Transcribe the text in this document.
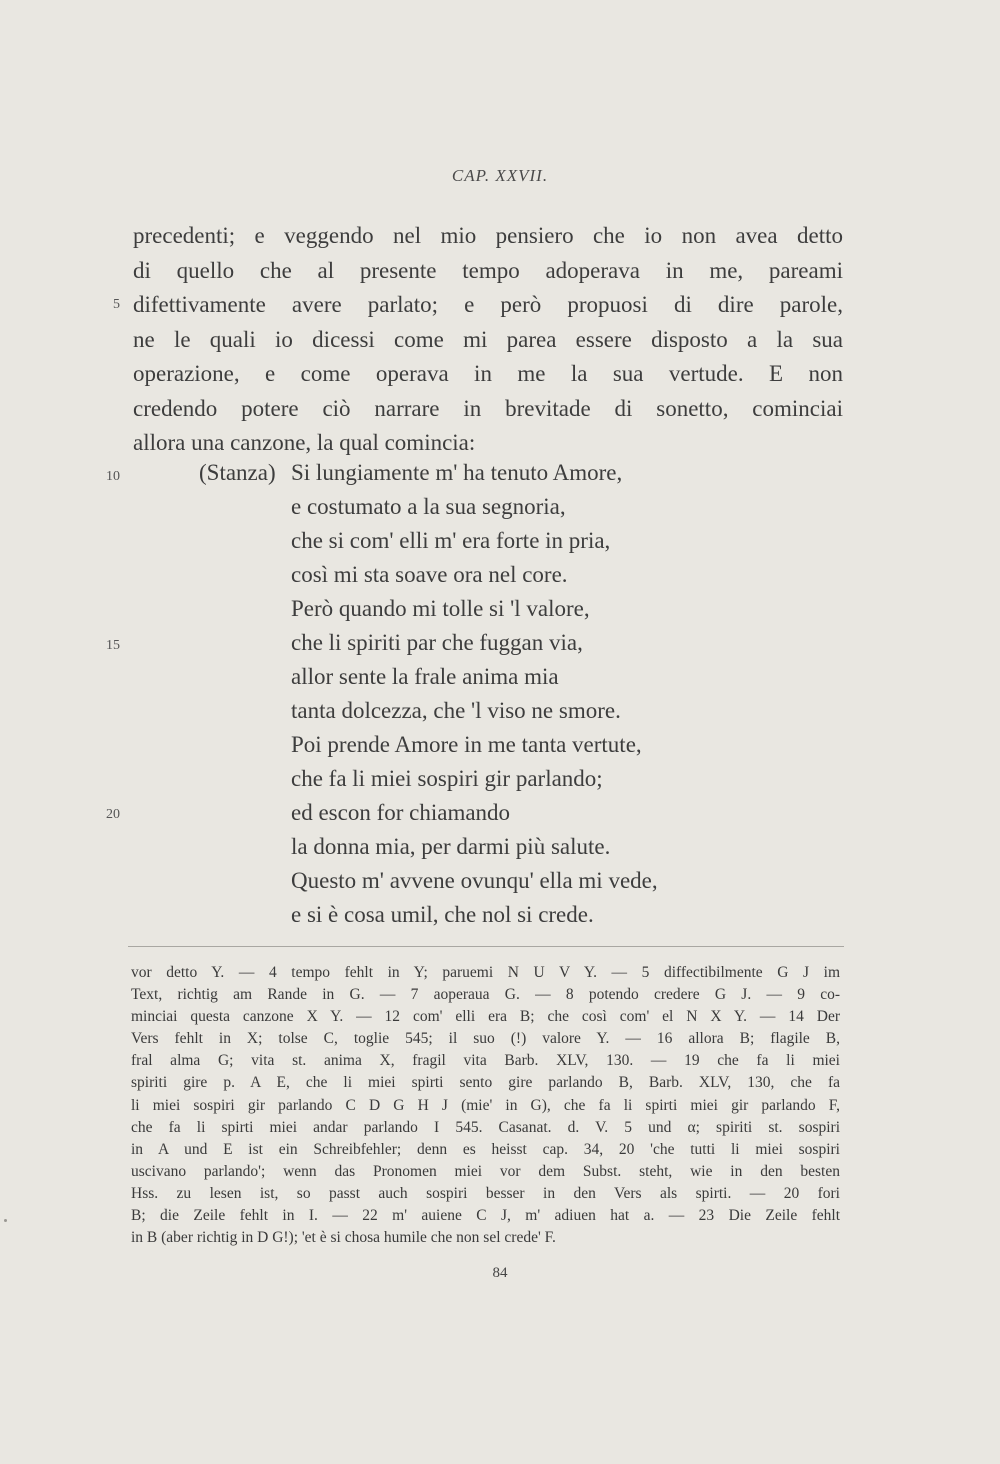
CAP. XXVII.
precedenti; e veggendo nel mio pensiero che io non avea detto
di quello che al presente tempo adoperava in me, pareami
difettivamente avere parlato; e però propuosi di dire parole,
ne le quali io dicessi come mi parea essere disposto a la sua
operazione, e come operava in me la sua vertude. E non
credendo potere ciò narrare in brevitade di sonetto, cominciai
allora una canzone, la qual comincia:
5
10
15
20
(Stanza) Si lungiamente m' ha tenuto Amore,
e costumato a la sua segnoria,
che si com' elli m' era forte in pria,
così mi sta soave ora nel core.
Però quando mi tolle si 'l valore,
che li spiriti par che fuggan via,
allor sente la frale anima mia
tanta dolcezza, che 'l viso ne smore.
Poi prende Amore in me tanta vertute,
che fa li miei sospiri gir parlando;
ed escon for chiamando
la donna mia, per darmi più salute.
Questo m' avvene ovunqu' ella mi vede,
e si è cosa umil, che nol si crede.
vor detto Y. — 4 tempo fehlt in Y; paruemi N U V Y. — 5 diffectibilmente G J im
Text, richtig am Rande in G. — 7 aoperaua G. — 8 potendo credere G J. — 9 co-
minciai questa canzone X Y. — 12 com' elli era B; che così com' el N X Y. — 14 Der
Vers fehlt in X; tolse C, toglie 545; il suo (!) valore Y. — 16 allora B; flagile B,
fral alma G; vita st. anima X, fragil vita Barb. XLV, 130. — 19 che fa li miei
spiriti gire p. A E, che li miei spirti sento gire parlando B, Barb. XLV, 130, che fa
li miei sospiri gir parlando C D G H J (mie' in G), che fa li spirti miei gir parlando F,
che fa li spirti miei andar parlando I 545. Casanat. d. V. 5 und α; spiriti st. sospiri
in A und E ist ein Schreibfehler; denn es heisst cap. 34, 20 'che tutti li miei sospiri
uscivano parlando'; wenn das Pronomen miei vor dem Subst. steht, wie in den besten
Hss. zu lesen ist, so passt auch sospiri besser in den Vers als spirti. — 20 fori
B; die Zeile fehlt in I. — 22 m' auiene C J, m' adiuen hat a. — 23 Die Zeile fehlt
in B (aber richtig in D G!); 'et è si chosa humile che non sel crede' F.
84
